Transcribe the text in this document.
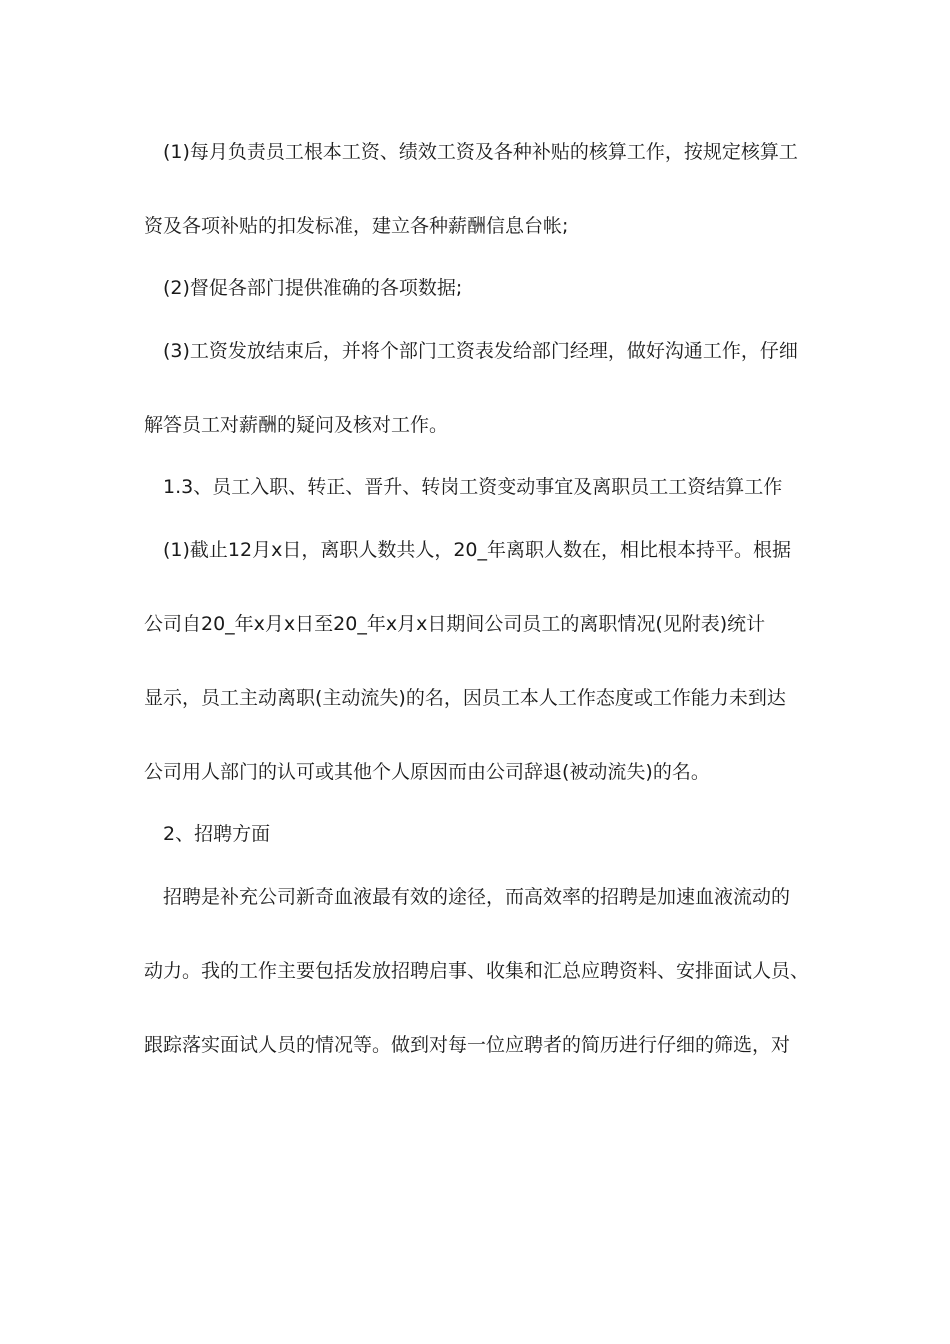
(1)每月负责员工根本工资、绩效工资及各种补贴的核算工作，按规定核算工
资及各项补贴的扣发标准，建立各种薪酬信息台帐;
(2)督促各部门提供准确的各项数据;
(3)工资发放结束后，并将个部门工资表发给部门经理，做好沟通工作，仔细
解答员工对薪酬的疑问及核对工作。
1.3、员工入职、转正、晋升、转岗工资变动事宜及离职员工工资结算工作
(1)截止12月x日，离职人数共人，20_年离职人数在，相比根本持平。根据
公司自20_年x月x日至20_年x月x日期间公司员工的离职情况(见附表)统计
显示，员工主动离职(主动流失)的名，因员工本人工作态度或工作能力未到达
公司用人部门的认可或其他个人原因而由公司辞退(被动流失)的名。
2、招聘方面
招聘是补充公司新奇血液最有效的途径，而高效率的招聘是加速血液流动的
动力。我的工作主要包括发放招聘启事、收集和汇总应聘资料、安排面试人员、
跟踪落实面试人员的情况等。做到对每一位应聘者的简历进行仔细的筛选，对
